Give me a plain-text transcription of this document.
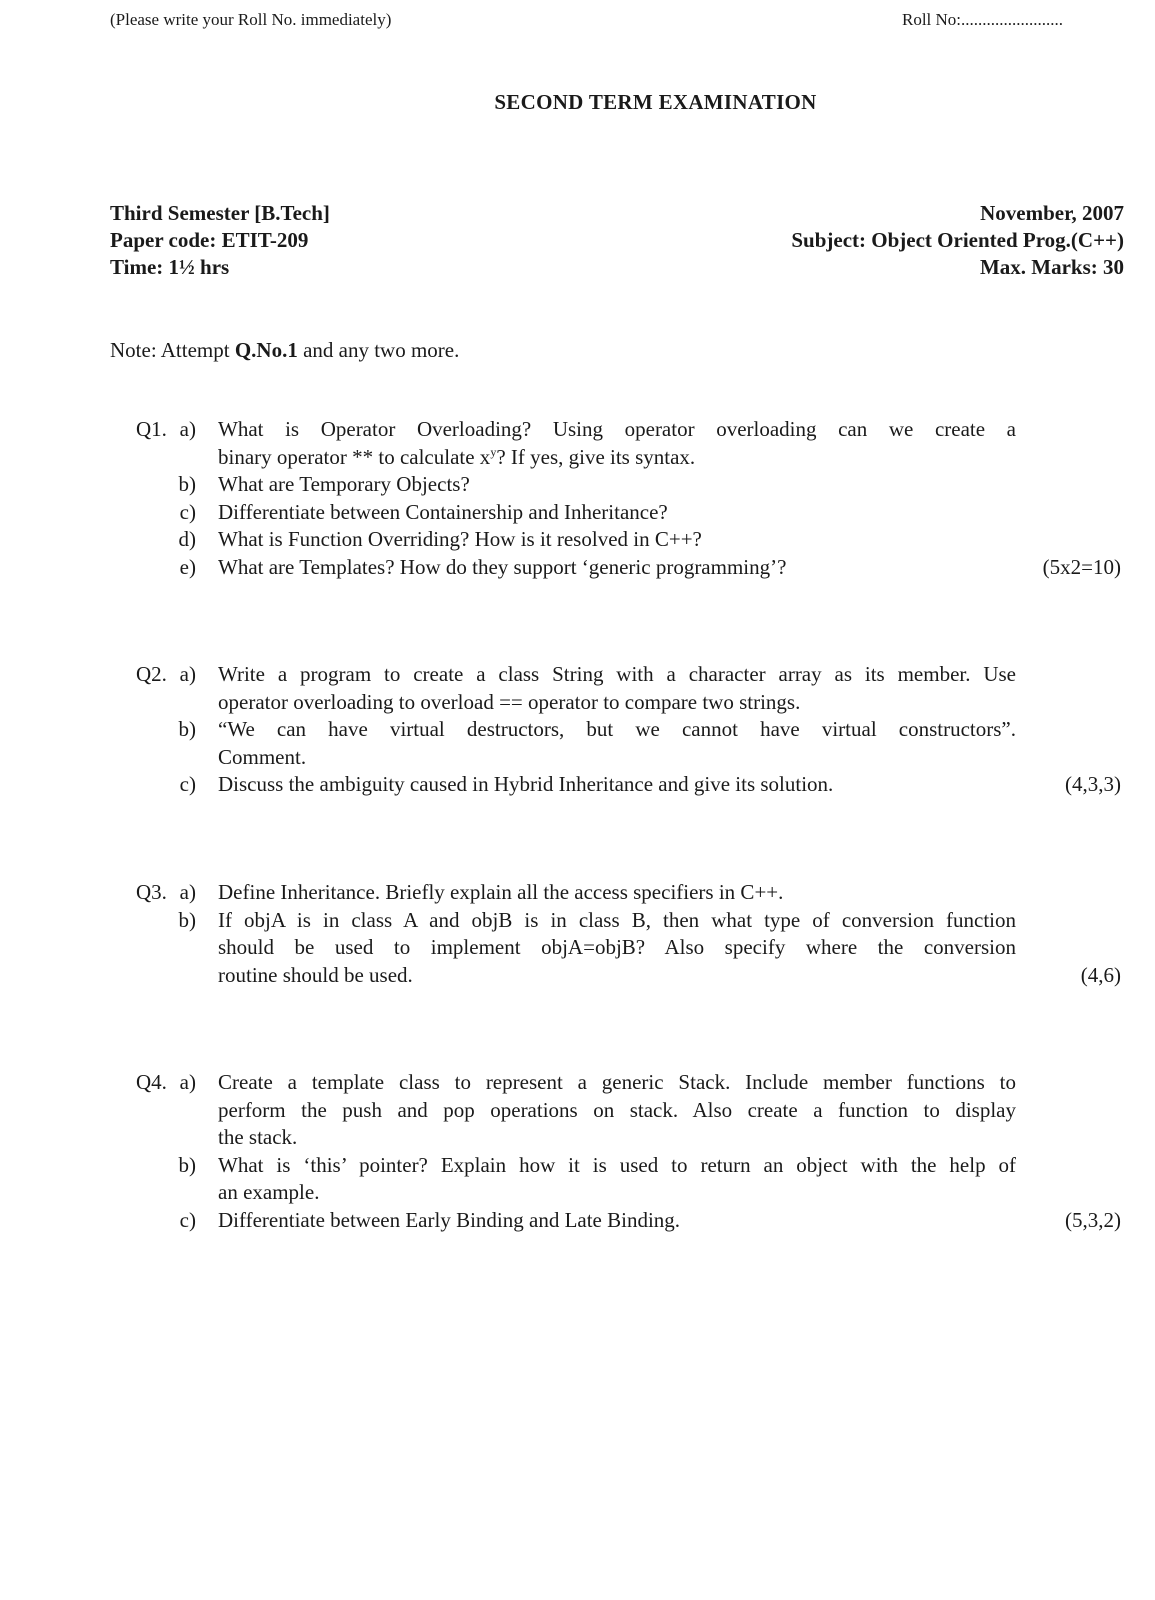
(Please write your Roll No. immediately)	Roll No:........................
SECOND TERM EXAMINATION
Third Semester [B.Tech]
Paper code: ETIT-209
Time: 1½ hrs
November, 2007
Subject: Object Oriented Prog.(C++)
Max. Marks: 30
Note: Attempt Q.No.1 and any two more.
Q1. a) What is Operator Overloading? Using operator overloading can we create a
binary operator ** to calculate $x^y$? If yes, give its syntax.
b) What are Temporary Objects?
c) Differentiate between Containership and Inheritance?
d) What is Function Overriding? How is it resolved in C++?
e) What are Templates? How do they support ‘generic programming’?	(5x2=10)
Q2. a) Write a program to create a class String with a character array as its member. Use
operator overloading to overload == operator to compare two strings.
b) “We can have virtual destructors, but we cannot have virtual constructors”.
Comment.
c) Discuss the ambiguity caused in Hybrid Inheritance and give its solution.	(4,3,3)
Q3. a) Define Inheritance. Briefly explain all the access specifiers in C++.
b) If objA is in class A and objB is in class B, then what type of conversion function
should be used to implement objA=objB? Also specify where the conversion
routine should be used.	(4,6)
Q4. a) Create a template class to represent a generic Stack. Include member functions to
perform the push and pop operations on stack. Also create a function to display
the stack.
b) What is ‘this’ pointer? Explain how it is used to return an object with the help of
an example.
c) Differentiate between Early Binding and Late Binding.	(5,3,2)
